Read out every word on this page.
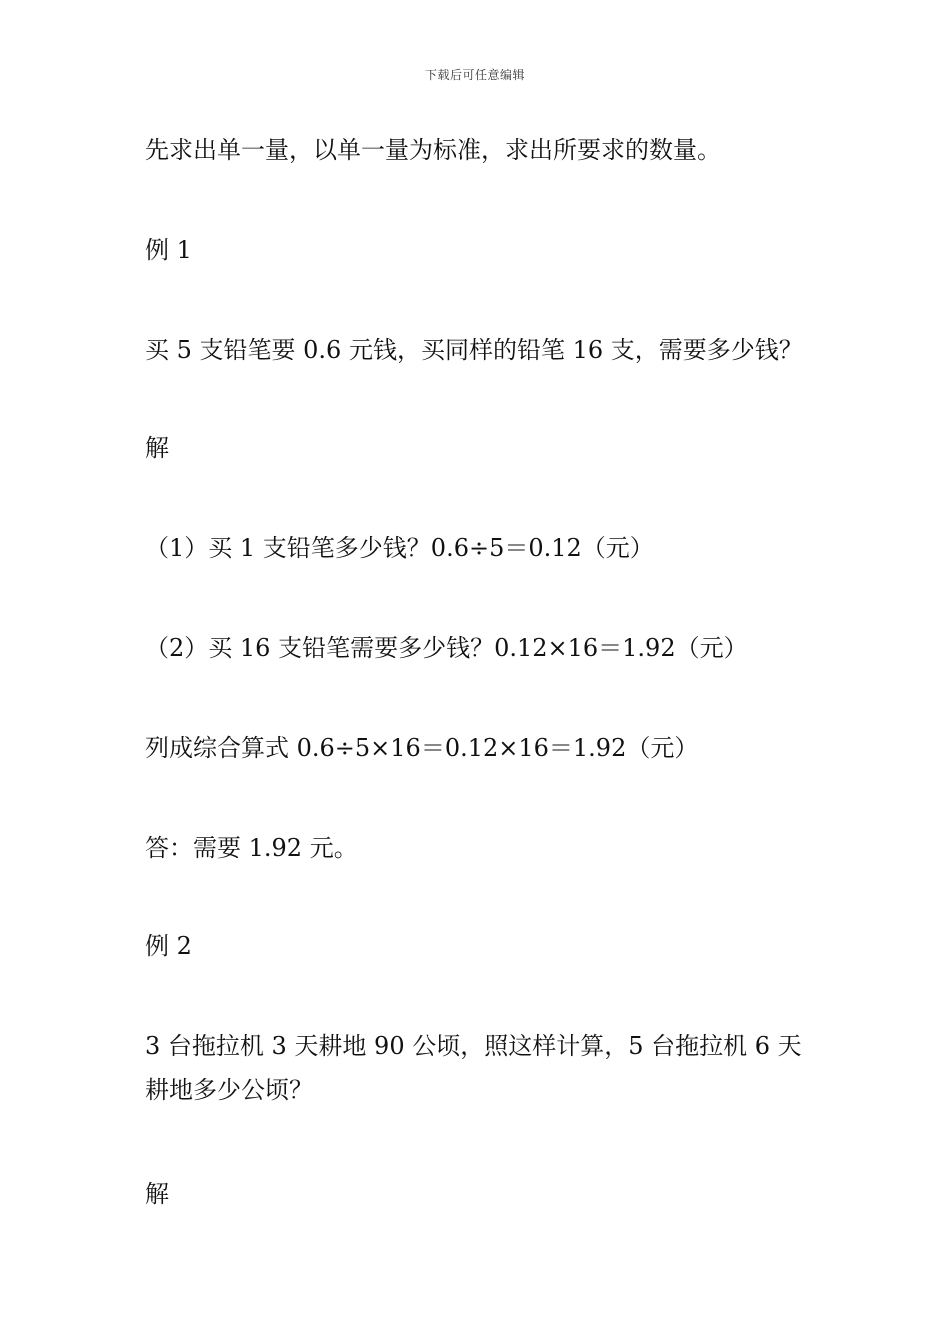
下载后可任意编辑
先求出单一量，以单一量为标准，求出所要求的数量。
例 1
买 5 支铅笔要 0.6 元钱，买同样的铅笔 16 支，需要多少钱？
解
（1）买 1 支铅笔多少钱？0.6÷5＝0.12（元）
（2）买 16 支铅笔需要多少钱？0.12×16＝1.92（元）
列成综合算式 0.6÷5×16＝0.12×16＝1.92（元）
答：需要 1.92 元。
例 2
3 台拖拉机 3 天耕地 90 公顷，照这样计算，5 台拖拉机 6 天耕地多少公顷？
解
